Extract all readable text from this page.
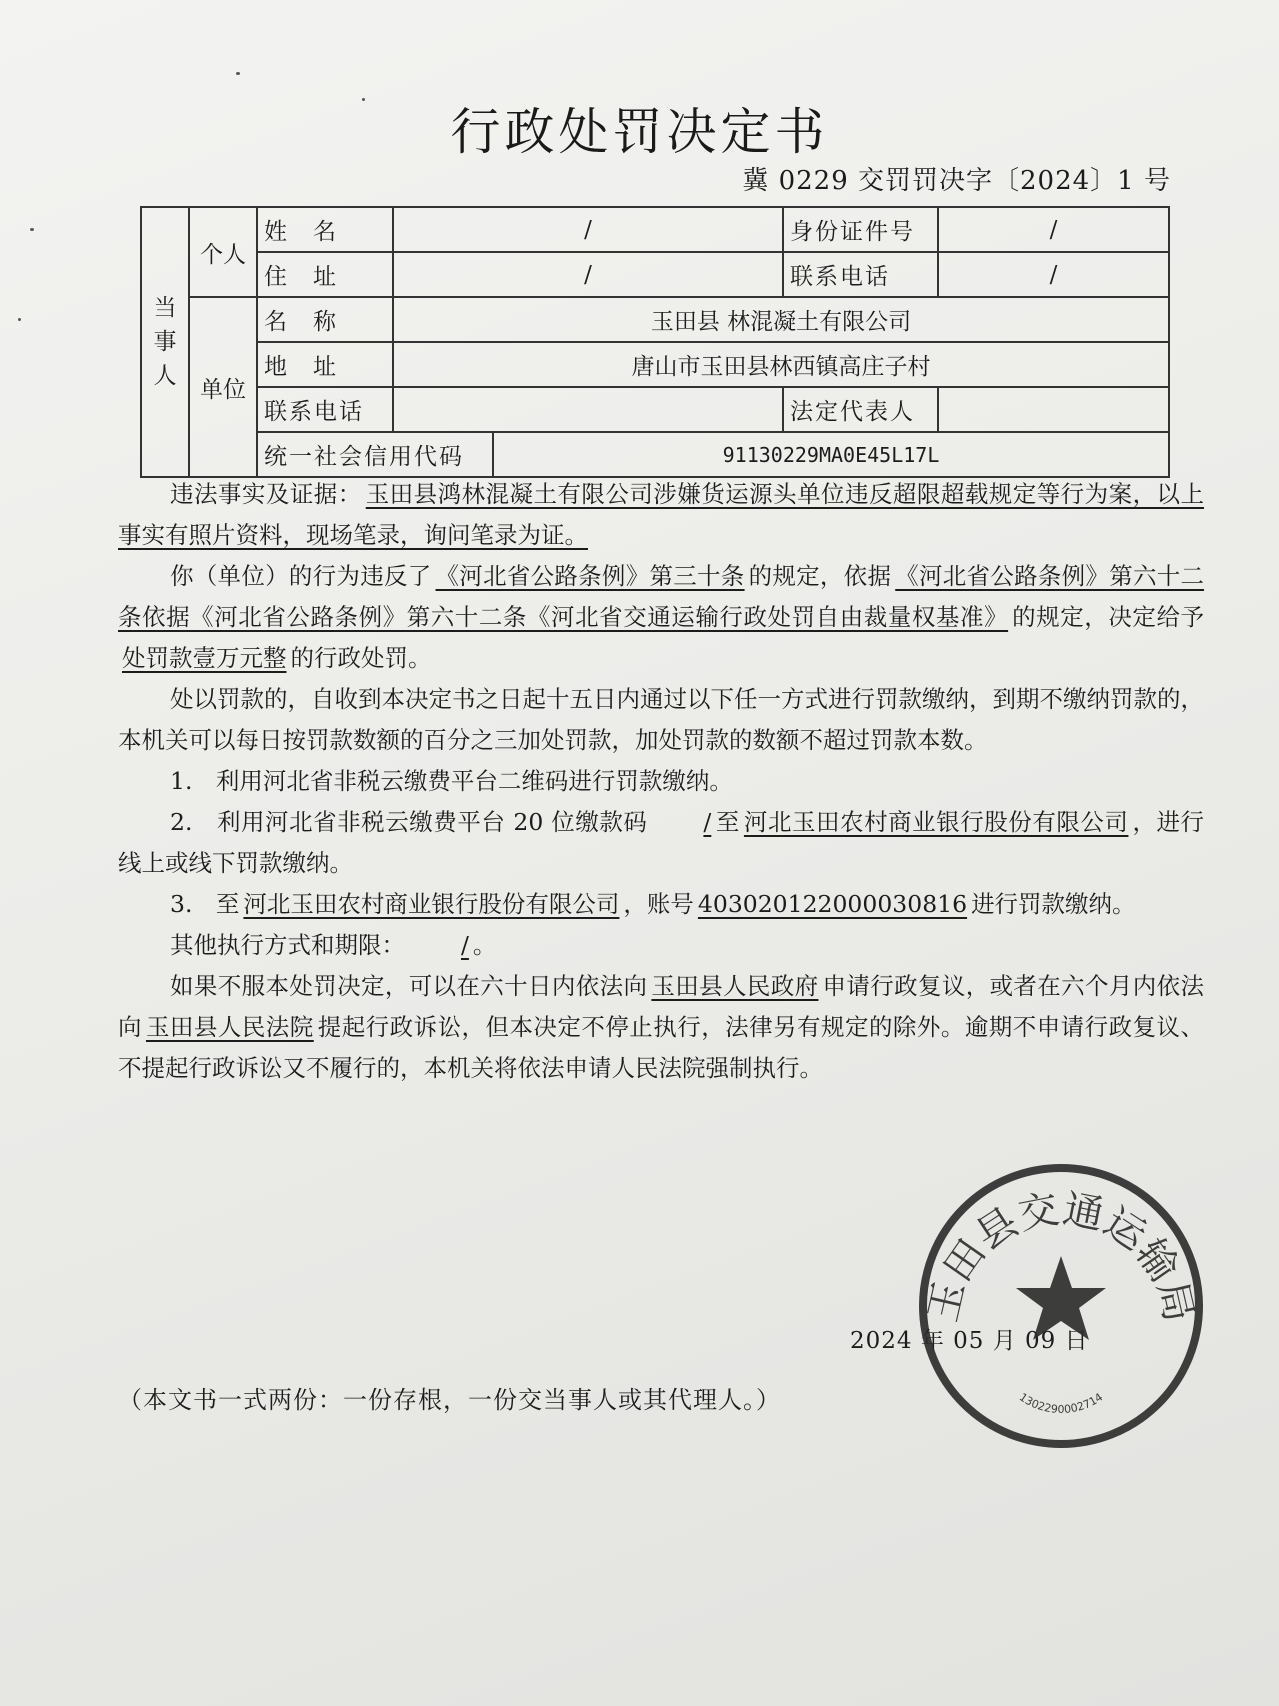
行政处罚决定书
冀 0229 交罚罚决字〔2024〕1 号
当事人	个人	姓名	/		身份证件号	/
		住址	/		联系电话	/
	单位	名称	玉田县 林混凝土有限公司			
		地址	唐山市玉田县林西镇高庄子村			
		联系电话			法定代表人	
		统一社会信用代码		91130229MA0E45L17L		

违法事实及证据： 玉田县鸿林混凝土有限公司涉嫌货运源头单位违反超限超载规定等行为案，以上事实有照片资料，现场笔录，询问笔录为证。

你（单位）的行为违反了 《河北省公路条例》第三十条 的规定，依据 《河北省公路条例》第六十二条依据《河北省公路条例》第六十二条《河北省交通运输行政处罚自由裁量权基准》 的规定，决定给予处罚款壹万元整 的行政处罚。

处以罚款的，自收到本决定书之日起十五日内通过以下任一方式进行罚款缴纳，到期不缴纳罚款的，本机关可以每日按罚款数额的百分之三加处罚款，加处罚款的数额不超过罚款本数。

1.　利用河北省非税云缴费平台二维码进行罚款缴纳。

2.　利用河北省非税云缴费平台 20 位缴款码 / 至 河北玉田农村商业银行股份有限公司 ，进行线上或线下罚款缴纳。

3.　至 河北玉田农村商业银行股份有限公司 ，账号 403020122000030816 进行罚款缴纳。

其他执行方式和期限： / 。

如果不服本处罚决定，可以在六十日内依法向 玉田县人民政府 申请行政复议，或者在六个月内依法向 玉田县人民法院 提起行政诉讼，但本决定不停止执行，法律另有规定的除外。逾期不申请行政复议、不提起行政诉讼又不履行的，本机关将依法申请人民法院强制执行。

2024 年 05 月 09 日
玉田县交通运输局
1302290002714
（本文书一式两份：一份存根，一份交当事人或其代理人。）
